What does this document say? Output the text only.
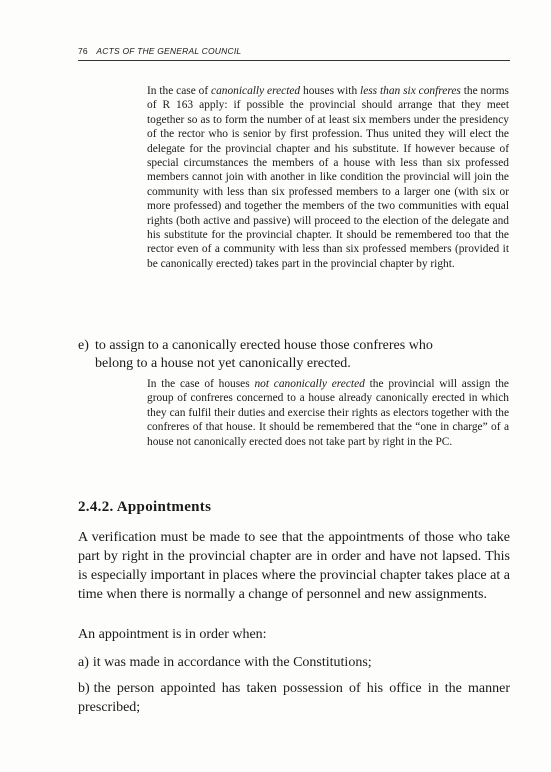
76 ACTS OF THE GENERAL COUNCIL
In the case of canonically erected houses with less than six confreres the norms of R 163 apply: if possible the provincial should arrange that they meet together so as to form the number of at least six members under the presidency of the rector who is senior by first profession. Thus united they will elect the delegate for the provincial chapter and his substitute. If however because of special circumstances the members of a house with less than six professed members cannot join with another in like condition the provincial will join the community with less than six professed members to a larger one (with six or more professed) and together the members of the two communities with equal rights (both active and passive) will proceed to the election of the delegate and his substitute for the provincial chapter. It should be remembered too that the rector even of a community with less than six professed members (provided it be canonically erected) takes part in the provincial chapter by right.
e) to assign to a canonically erected house those confreres who
belong to a house not yet canonically erected.
In the case of houses not canonically erected the provincial will assign the group of confreres concerned to a house already canonically erected in which they can fulfil their duties and exercise their rights as electors together with the confreres of that house. It should be remembered that the “one in charge” of a house not canonically erected does not take part by right in the PC.
2.4.2. Appointments
A verification must be made to see that the appointments of those who take part by right in the provincial chapter are in order and have not lapsed. This is especially important in places where the provincial chapter takes place at a time when there is normally a change of personnel and new assignments.
An appointment is in order when:
a) it was made in accordance with the Constitutions;
b) the person appointed has taken possession of his office in the manner prescribed;
